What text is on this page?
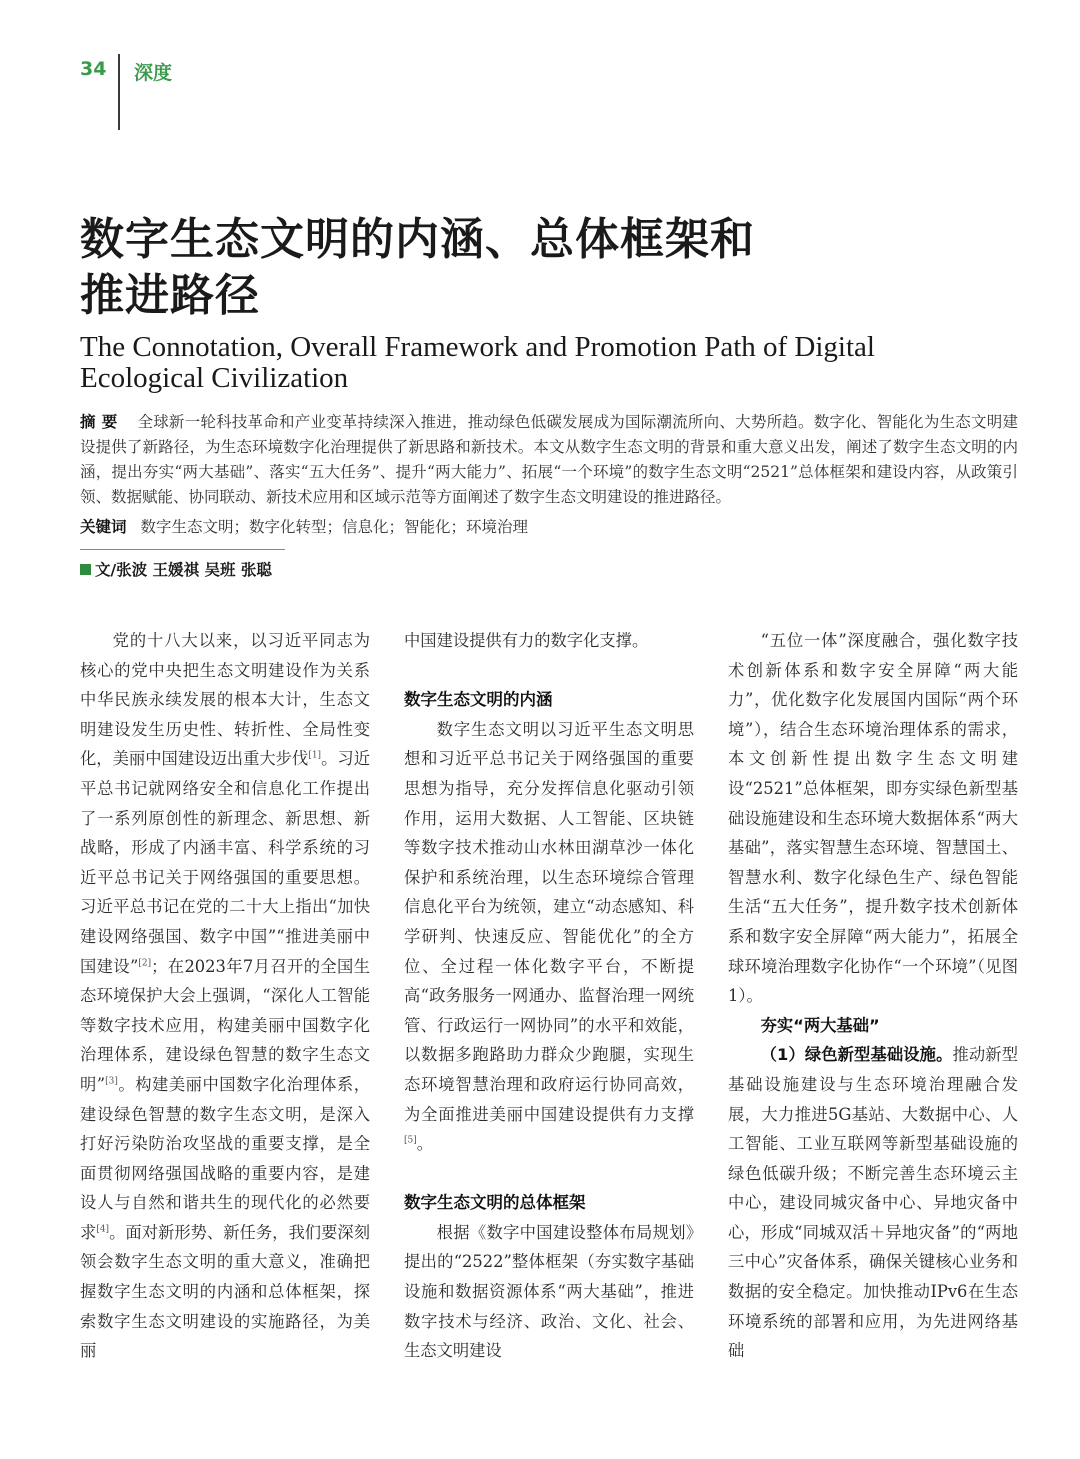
34 深度
数字生态文明的内涵、总体框架和
推进路径
The Connotation, Overall Framework and Promotion Path of Digital
Ecological Civilization
摘要 全球新一轮科技革命和产业变革持续深入推进，推动绿色低碳发展成为国际潮流所向、大势所趋。数字化、智能化为生态文明建设提供了新路径，为生态环境数字化治理提供了新思路和新技术。本文从数字生态文明的背景和重大意义出发，阐述了数字生态文明的内涵，提出夯实“两大基础”、落实“五大任务”、提升“两大能力”、拓展“一个环境”的数字生态文明“2521”总体框架和建设内容，从政策引领、数据赋能、协同联动、新技术应用和区域示范等方面阐述了数字生态文明建设的推进路径。
关键词 数字生态文明；数字化转型；信息化；智能化；环境治理
文/张波 王媛祺 吴班 张聪

党的十八大以来，以习近平同志为核心的党中央把生态文明建设作为关系中华民族永续发展的根本大计，生态文明建设发生历史性、转折性、全局性变化，美丽中国建设迈出重大步伐[1]。习近平总书记就网络安全和信息化工作提出了一系列原创性的新理念、新思想、新战略，形成了内涵丰富、科学系统的习近平总书记关于网络强国的重要思想。习近平总书记在党的二十大上指出“加快建设网络强国、数字中国”“推进美丽中国建设”[2]；在2023年7月召开的全国生态环境保护大会上强调，“深化人工智能等数字技术应用，构建美丽中国数字化治理体系，建设绿色智慧的数字生态文明”[3]。构建美丽中国数字化治理体系，建设绿色智慧的数字生态文明，是深入打好污染防治攻坚战的重要支撑，是全面贯彻网络强国战略的重要内容，是建设人与自然和谐共生的现代化的必然要求[4]。面对新形势、新任务，我们要深刻领会数字生态文明的重大意义，准确把握数字生态文明的内涵和总体框架，探索数字生态文明建设的实施路径，为美丽

中国建设提供有力的数字化支撑。

数字生态文明的内涵

数字生态文明以习近平生态文明思想和习近平总书记关于网络强国的重要思想为指导，充分发挥信息化驱动引领作用，运用大数据、人工智能、区块链等数字技术推动山水林田湖草沙一体化保护和系统治理，以生态环境综合管理信息化平台为统领，建立“动态感知、科学研判、快速反应、智能优化”的全方位、全过程一体化数字平台，不断提高“政务服务一网通办、监督治理一网统管、行政运行一网协同”的水平和效能，以数据多跑路助力群众少跑腿，实现生态环境智慧治理和政府运行协同高效，为全面推进美丽中国建设提供有力支撑[5]。

数字生态文明的总体框架

根据《数字中国建设整体布局规划》提出的“2522”整体框架（夯实数字基础设施和数据资源体系“两大基础”，推进数字技术与经济、政治、文化、社会、生态文明建设

“五位一体”深度融合，强化数字技术创新体系和数字安全屏障“两大能力”，优化数字化发展国内国际“两个环境”），结合生态环境治理体系的需求，本文创新性提出数字生态文明建设“2521”总体框架，即夯实绿色新型基础设施建设和生态环境大数据体系“两大基础”，落实智慧生态环境、智慧国土、智慧水利、数字化绿色生产、绿色智能生活“五大任务”，提升数字技术创新体系和数字安全屏障“两大能力”，拓展全球环境治理数字化协作“一个环境”（见图1）。

夯实“两大基础”

（1）绿色新型基础设施。推动新型基础设施建设与生态环境治理融合发展，大力推进5G基站、大数据中心、人工智能、工业互联网等新型基础设施的绿色低碳升级；不断完善生态环境云主中心，建设同城灾备中心、异地灾备中心，形成“同城双活＋异地灾备”的“两地三中心”灾备体系，确保关键核心业务和数据的安全稳定。加快推动IPv6在生态环境系统的部署和应用，为先进网络基础
